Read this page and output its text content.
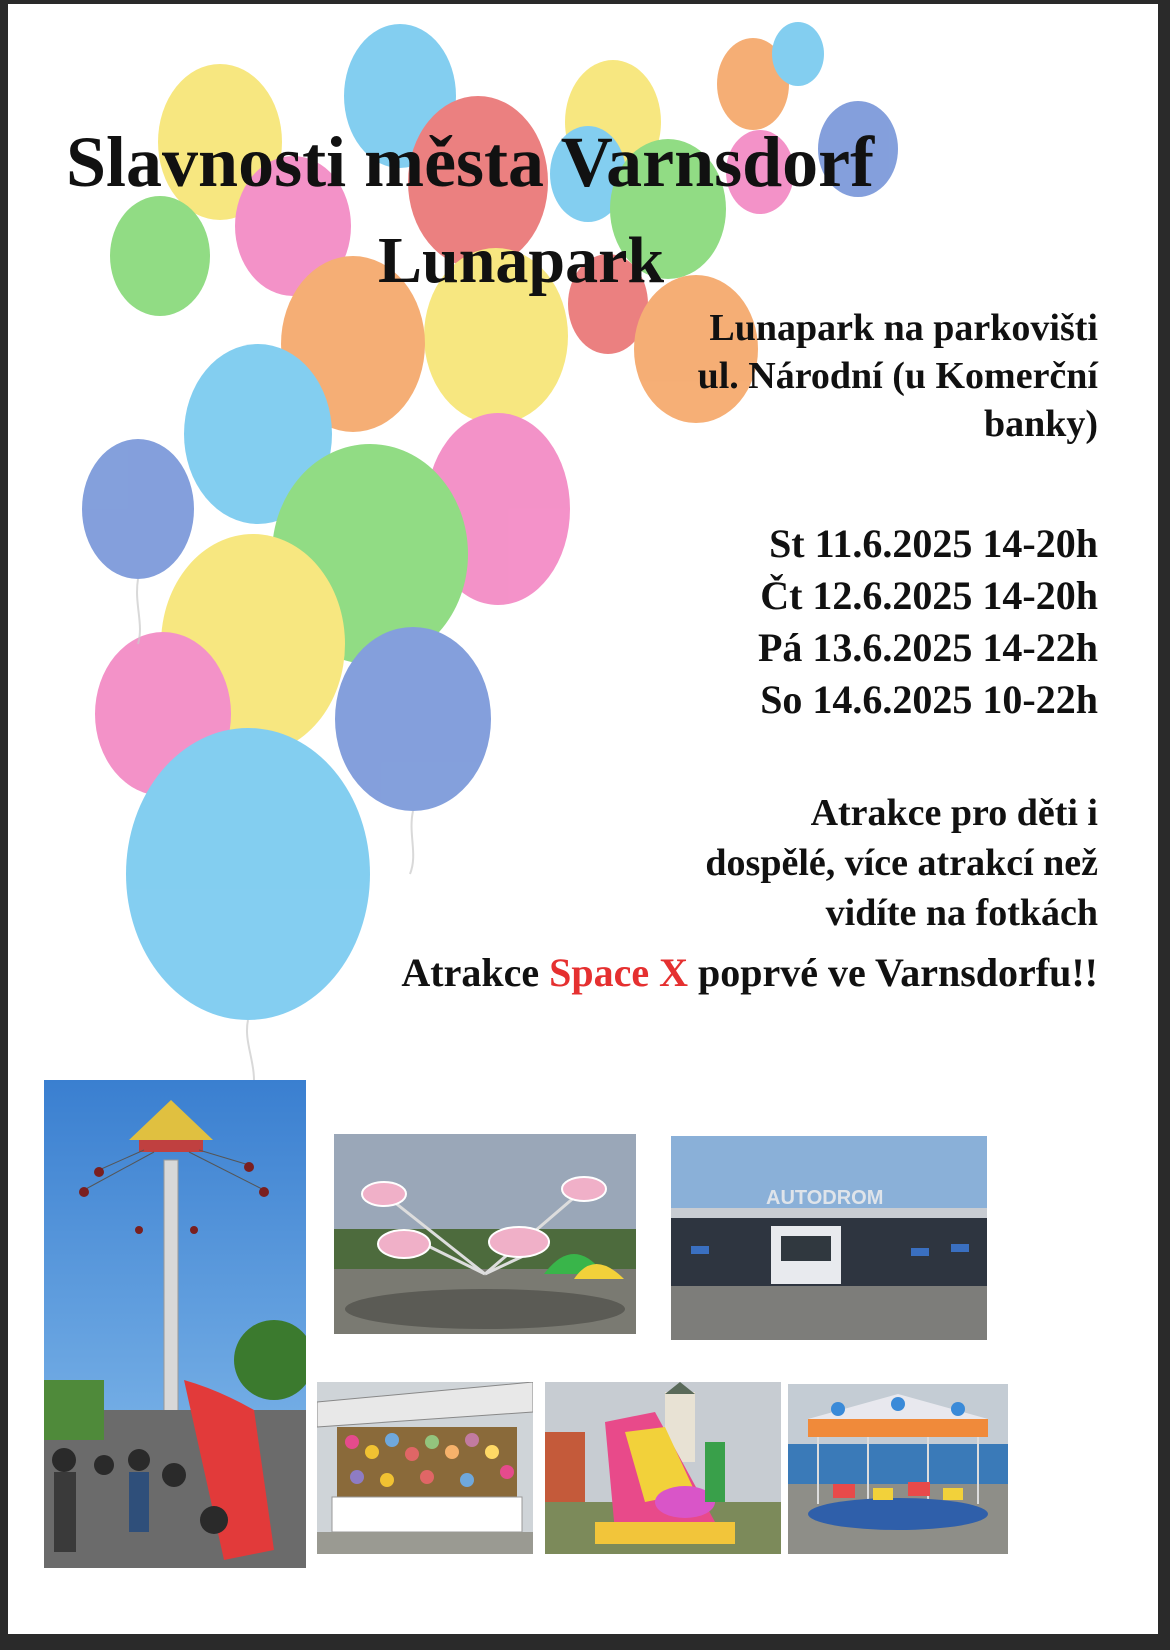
Slavnosti města Varnsdorf
Lunapark
Lunapark na parkovišti
ul. Národní (u Komerční
banky)
St 11.6.2025 14-20h
Čt 12.6.2025 14-20h
Pá 13.6.2025 14-22h
So 14.6.2025 10-22h
Atrakce pro děti i
dospělé, více atrakcí než
vidíte na fotkách
Atrakce Space X poprvé ve Varnsdorfu!!
AUTODROM
